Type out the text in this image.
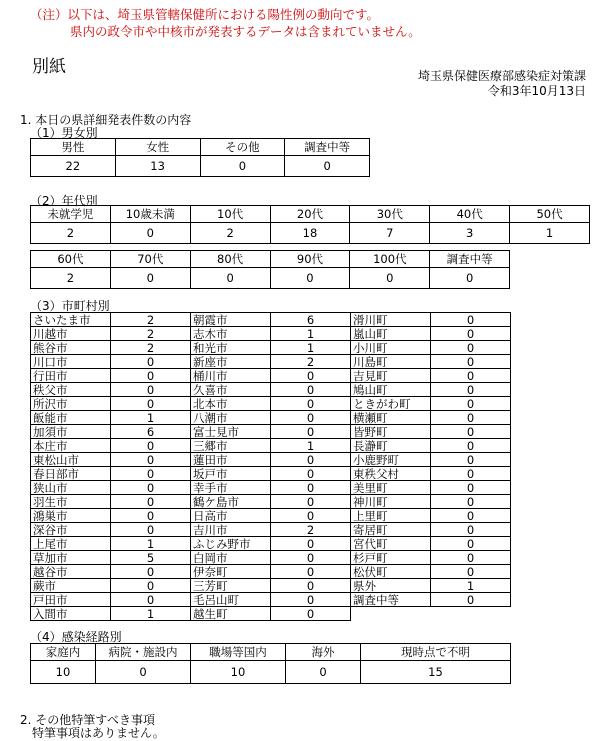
（注）以下は、埼玉県管轄保健所における陽性例の動向です。
県内の政令市や中核市が発表するデータは含まれていません。
別紙	埼玉県保健医療部感染症対策課
令和3年10月13日
1. 本日の県詳細発表件数の内容
（1）男女別
男性	女性	その他	調査中等
22	13	0	0
（2）年代別
未就学児	10歳未満	10代	20代	30代	40代	50代
2	0	2	18	7	3	1

60代	70代	80代	90代	100代	調査中等	
2	0	0	0	0	0	
（3）市町村別
さいたま市	2	朝霞市	6	滑川町	0
川越市	2	志木市	1	嵐山町	0
熊谷市	2	和光市	1	小川町	0
川口市	0	新座市	2	川島町	0
行田市	0	桶川市	0	吉見町	0
秩父市	0	久喜市	0	鳩山町	0
所沢市	0	北本市	0	ときがわ町	0
飯能市	1	八潮市	0	横瀬町	0
加須市	6	富士見市	0	皆野町	0
本庄市	0	三郷市	1	長瀞町	0
東松山市	0	蓮田市	0	小鹿野町	0
春日部市	0	坂戸市	0	東秩父村	0
狭山市	0	幸手市	0	美里町	0
羽生市	0	鶴ケ島市	0	神川町	0
鴻巣市	0	日高市	0	上里町	0
深谷市	0	吉川市	2	寄居町	0
上尾市	1	ふじみ野市	0	宮代町	0
草加市	5	白岡市	0	杉戸町	0
越谷市	0	伊奈町	0	松伏町	0
蕨市	0	三芳町	0	県外	1
戸田市	0	毛呂山町	0	調査中等	0
入間市	1	越生町	0		
（4）感染経路別
家庭内	病院・施設内	職場等国内	海外	現時点で不明
10	0	10	0	15
2. その他特筆すべき事項
特筆事項はありません。
